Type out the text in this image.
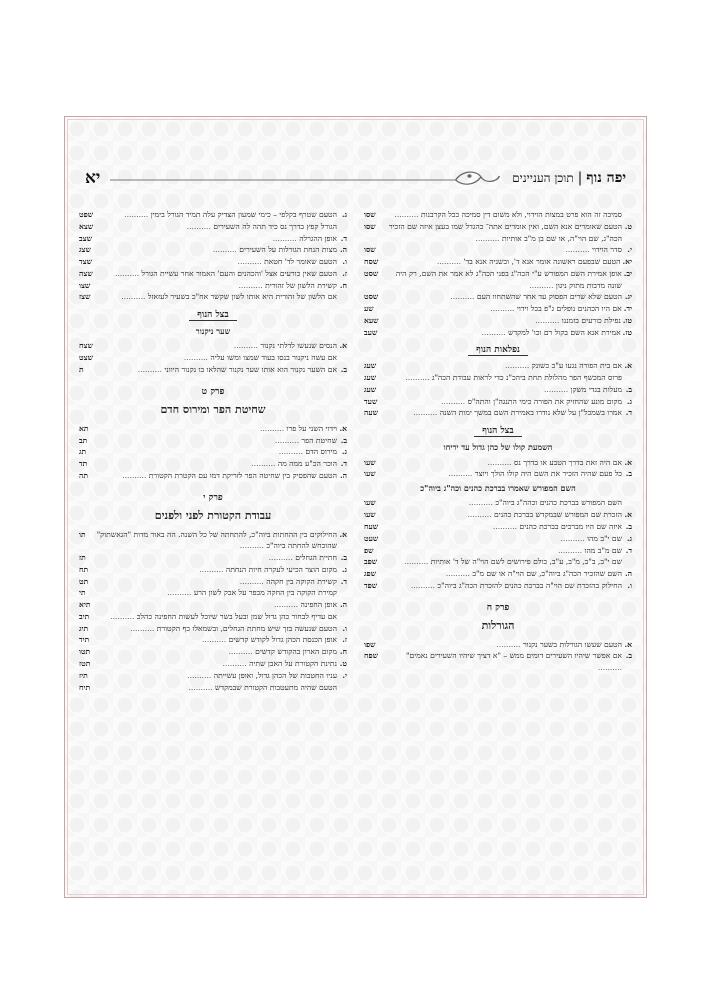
יא	יפה נוף|תוכן העניינים
סמיכה זה הוא פרט במצות הוידוי, ולא משום דין סמיכה ככל הקרבנות ..........
שסו
ט.
הטעם שאומרים אנא השם, ואין אומרים אתה־ כהגדל שמו בעצן איזה שם הזכיר הכה"ג, שם הוי"ה, או שם בן מ"ב אותיות ..........
שסו
י.
סדר הוידוי ..........
שסו
יא.
הטעם שבפעם ראשונה אומר אנא ד', ובשניה אנא בד' ..........
שסח
יב.
אופן אמירת השם המפורש ע"י הכה"ג בפני הכה"ג לא אמר את השם, רק היה שונה מדבות מתוק ניגון ..........
שסט
יג.
הטעם שלא שרים הפסוק עד אחר שהשתחוו העם ..........
שסט
יד.
אם היו הכהנים נופלים ג"פ בכל וידוי ..........
שע
טו.
נפילת כורעים בזמננו ..........
שעא
טז.
אמירת אנא השם בקול רם וכו' למקדש ..........
שעב
נפלאות הנוף
א.
אם בית הפורה נגעו ע"כ כשונק ..........
שעג
פרוס המכשף הפר מהלולת תחת ביהכ"נ כדי לראות עבודת הכה"ג ..........
שעג
ב.
מעלות בגדי משקן ..........
שעג
ג.
מקום מונע שהחזיק את הפורה כימי התנגה"ן והתה"ס ..........
שעד
ד.
אמרו בשמכל"ן על שלא נודרו באמירת השם במשך ימות השנה ..........
שעה
בצל הנוף
השמעת קולו של כהן גדול עד יריחו
א.
אם היה זאת בדרך הטבע או בדרך נס ..........
שעו
ב.
כל פעם שהיה הזכיר את השם היה קולו הולך ויוצר ..........
שעו
השם המפורש שאמרו בברכת כהנים וכה"ג ביוה"כ
השם המפורש בברכת כהנים וכהה"ג ביוה"כ ..........
שעו
א.
הזכרת שם המפורש שבמקדש בברכת כהנים ..........
שעו
ב.
איזה שם היו מברכים בברכת כהנים ..........
שעח
ג.
שם י"ב מהו ..........
שעט
ד.
שם מ"ב מהו ..........
שפ
שם י"ב, ב"ב, מ"ב, ע"ב, כולם פירושים לשם הוי"ה של ד' אותיות ..........
שפב
ה.
השם שהזכיר הכה"ג ביוה"כ, שם הוי"ה או שם מ"ב ..........
שפג
ו.
החילוק בהזכרת שם הוי"ה בברכת כהנים להזכרת הכה"ג ביוה"כ ..........
שפד
פרק ח
הגורלות
א.
הטעם שעשו הגורלות בשער נקנור ..........
שפו
ב.
אם אפשר שיהיו השעירים דומים ממש – "א דציך שיהיו השעירים נאמים" ..........
שפח
ג.
הטעם שטרף בקלפי – כימי שמעון הצדיק עלה תמיד הגורל בימין ..........
שפט
הגורל קפץ בדרך נס כיד תהה לה השעירים ..........
שצא
ד.
אופן ההגרלה ..........
שצב
ה.
מצות הנחת הגורלות על השעירים ..........
שצג
ו.
הטעם שאומר לד' חטאת ..........
שצד
ז.
הטעם שאין כורעים אצל 'והכהנים והעם' האמור אחר עשיית הגורל ..........
שצה
ח.
קשירת הלשון של זהורית ..........
שצו
אם הלשון של זהורית היא אותו לשון שקשר אח"כ בשעיר לעזאזל ..........
שצז
בצל הנוף
שער ניקנור
א.
הנסים שנעשו לדלתי נקנור ..........
שצח
אם עשה ניקנור בנסו בעוד שמצו ומשו עליה ..........
שצט
ב.
אם השער נקנור הוא אותו שער נקנור שהלאו בו נקנור היווני ..........
ת
פרק ט
שחיטת הפר ומירוס חדם
א.
וידוי השני על פרו ..........
תא
ב.
שחיטת הפר ..........
תב
ג.
מירוס הדם ..........
תג
ד.
הוכר הכ"ע ממה מה ..........
תד
ה.
הטעם שהפסיק בין שחיטה הפר לזריקת דמו עם הקטרת הקטורת ..........
תה
פרק י
עבודת הקטורת לפני ולפנים
א.
החילוקים בין ההחתות ביוה"כ, להתחתה של כל השנה. הה באור מדות "הגאשתוק" שהוכחש להחתה ביוה"כ ..........
תו
ב.
חתיית הגחלים ..........
תז
ג.
מקום הוצר הכיעי לעקרה חיות הנחתה ..........
תח
ד.
קשירת הקוקה בין חקהה ..........
תט
קמירת הקוקה בין החקה מכפר על אבק לשון הרע ..........
תי
ה.
אופן החפינה ..........
תיא
אם עדיף לבחור כהן גדול שמן ובעל בשר שיוכל לעשות החפינה כהלכ ..........
תיב
ו.
הטעם שנעשה בזך שיש מחתת הגחלים, ובשמאלו כף הקטורת ..........
תיג
ז.
אופן הכנסת הכהן גדול לקודש קדשים ..........
תיד
ח.
מקום הארון בהקודש קדשים ..........
תטו
ט.
נתינת הקטורת על האבן שתיה ..........
תטז
י.
עניו החטבות של הכהן גדול, ואופן עשייתה ..........
תיז
הטעם שהיה מתעטבות הקטורת שבמקדש ..........
תיח
